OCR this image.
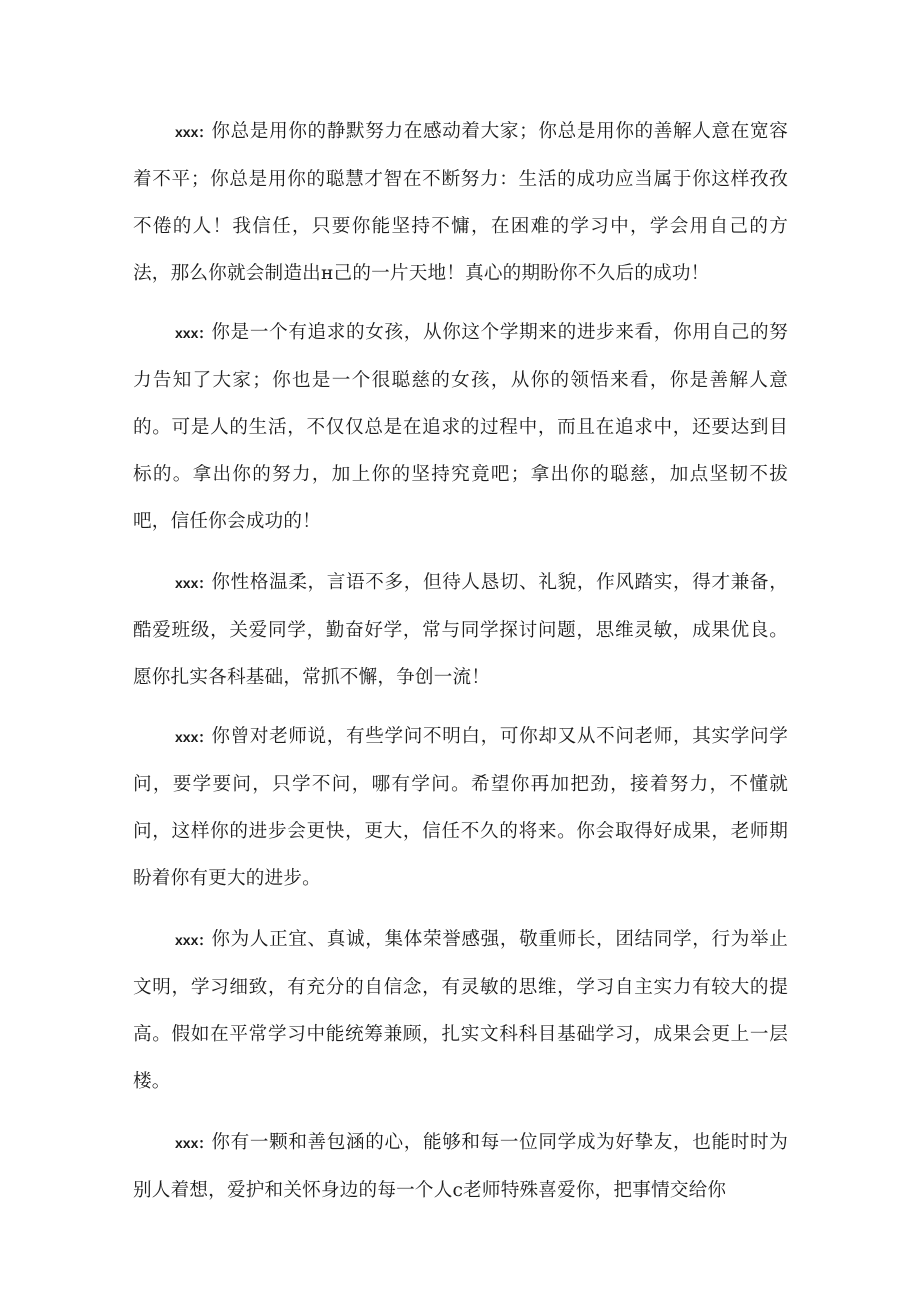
xxx: 你总是用你的静默努力在感动着大家；你总是用你的善解人意在宽容着不平；你总是用你的聪慧才智在不断努力：生活的成功应当属于你这样孜孜不倦的人！我信任，只要你能坚持不慵，在困难的学习中，学会用自己的方法，那么你就会制造出н己的一片天地！真心的期盼你不久后的成功！

xxx: 你是一个有追求的女孩，从你这个学期来的进步来看，你用自己的努力告知了大家；你也是一个很聪慈的女孩，从你的领悟来看，你是善解人意的。可是人的生活，不仅仅总是在追求的过程中，而且在追求中，还要达到目标的。拿出你的努力，加上你的坚持究竟吧；拿出你的聪慈，加点坚韧不拔吧，信任你会成功的！

xxx: 你性格温柔，言语不多，但待人恳切、礼貌，作风踏实，得才兼备，酷爱班级，关爱同学，勤奋好学，常与同学探讨问题，思维灵敏，成果优良。愿你扎实各科基础，常抓不懈，争创一流！

xxx: 你曾对老师说，有些学问不明白，可你却又从不问老师，其实学问学问，要学要问，只学不问，哪有学问。希望你再加把劲，接着努力，不懂就问，这样你的进步会更快，更大，信任不久的将来。你会取得好成果，老师期盼着你有更大的进步。

xxx: 你为人正宜、真诚，集体荣誉感强，敬重师长，团结同学，行为举止文明，学习细致，有充分的自信念，有灵敏的思维，学习自主实力有较大的提高。假如在平常学习中能统筹兼顾，扎实文科科目基础学习，成果会更上一层楼。

xxx: 你有一颗和善包涵的心，能够和每一位同学成为好挚友，也能时时为别人着想，爱护和关怀身边的每一个人c老师特殊喜爱你，把事情交给你
